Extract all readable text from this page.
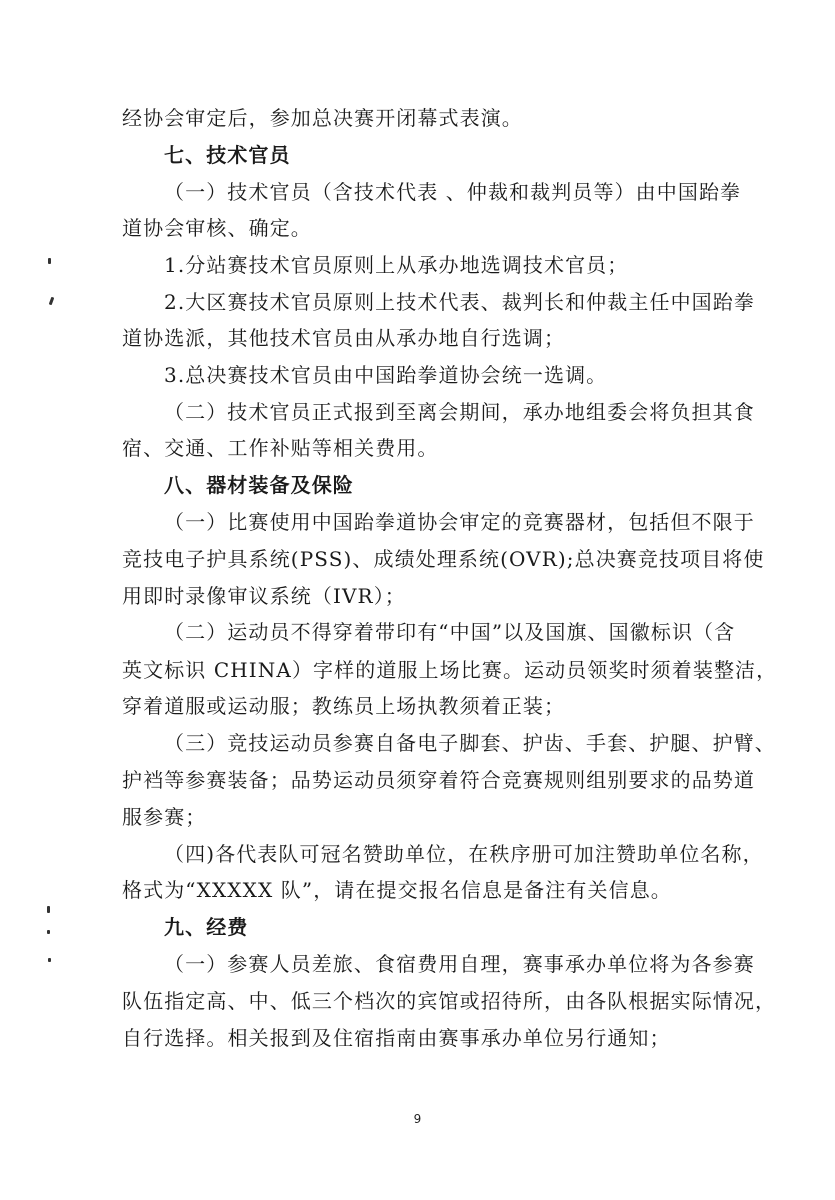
经协会审定后，参加总决赛开闭幕式表演。
七、技术官员
（一）技术官员（含技术代表 、仲裁和裁判员等）由中国跆拳
道协会审核、确定。
1.分站赛技术官员原则上从承办地选调技术官员；
2.大区赛技术官员原则上技术代表、裁判长和仲裁主任中国跆拳
道协选派，其他技术官员由从承办地自行选调；
3.总决赛技术官员由中国跆拳道协会统一选调。
（二）技术官员正式报到至离会期间，承办地组委会将负担其食
宿、交通、工作补贴等相关费用。
八、器材装备及保险
（一）比赛使用中国跆拳道协会审定的竞赛器材，包括但不限于
竞技电子护具系统(PSS)、成绩处理系统(OVR);总决赛竞技项目将使
用即时录像审议系统（IVR）；
（二）运动员不得穿着带印有“中国”以及国旗、国徽标识（含
英文标识 CHINA）字样的道服上场比赛。运动员领奖时须着装整洁，
穿着道服或运动服；教练员上场执教须着正装；
（三）竞技运动员参赛自备电子脚套、护齿、手套、护腿、护臂、
护裆等参赛装备；品势运动员须穿着符合竞赛规则组别要求的品势道
服参赛；
（四)各代表队可冠名赞助单位，在秩序册可加注赞助单位名称，
格式为“XXXXX 队”，请在提交报名信息是备注有关信息。
九、经费
（一）参赛人员差旅、食宿费用自理，赛事承办单位将为各参赛
队伍指定高、中、低三个档次的宾馆或招待所，由各队根据实际情况，
自行选择。相关报到及住宿指南由赛事承办单位另行通知；
9
